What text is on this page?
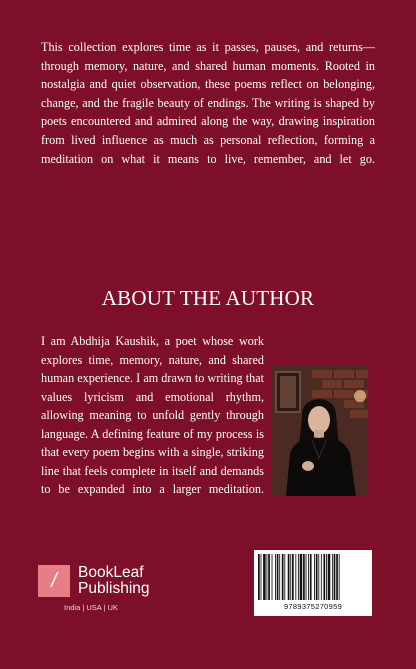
This collection explores time as it passes, pauses, and returns—through memory, nature, and shared human moments. Rooted in nostalgia and quiet observation, these poems reflect on belonging, change, and the fragile beauty of endings. The writing is shaped by poets encountered and admired along the way, drawing inspiration from lived influence as much as personal reflection, forming a meditation on what it means to live, remember, and let go.

ABOUT THE AUTHOR

I am Abdhija Kaushik, a poet whose work explores time, memory, nature, and shared human experience. I am drawn to writing that values lyricism and emotional rhythm, allowing meaning to unfold gently through language. A defining feature of my process is that every poem begins with a single, striking line that feels complete in itself and demands to be expanded into a larger meditation.

/	BookLeaf
Publishing
India | USA | UK	9789375270959
